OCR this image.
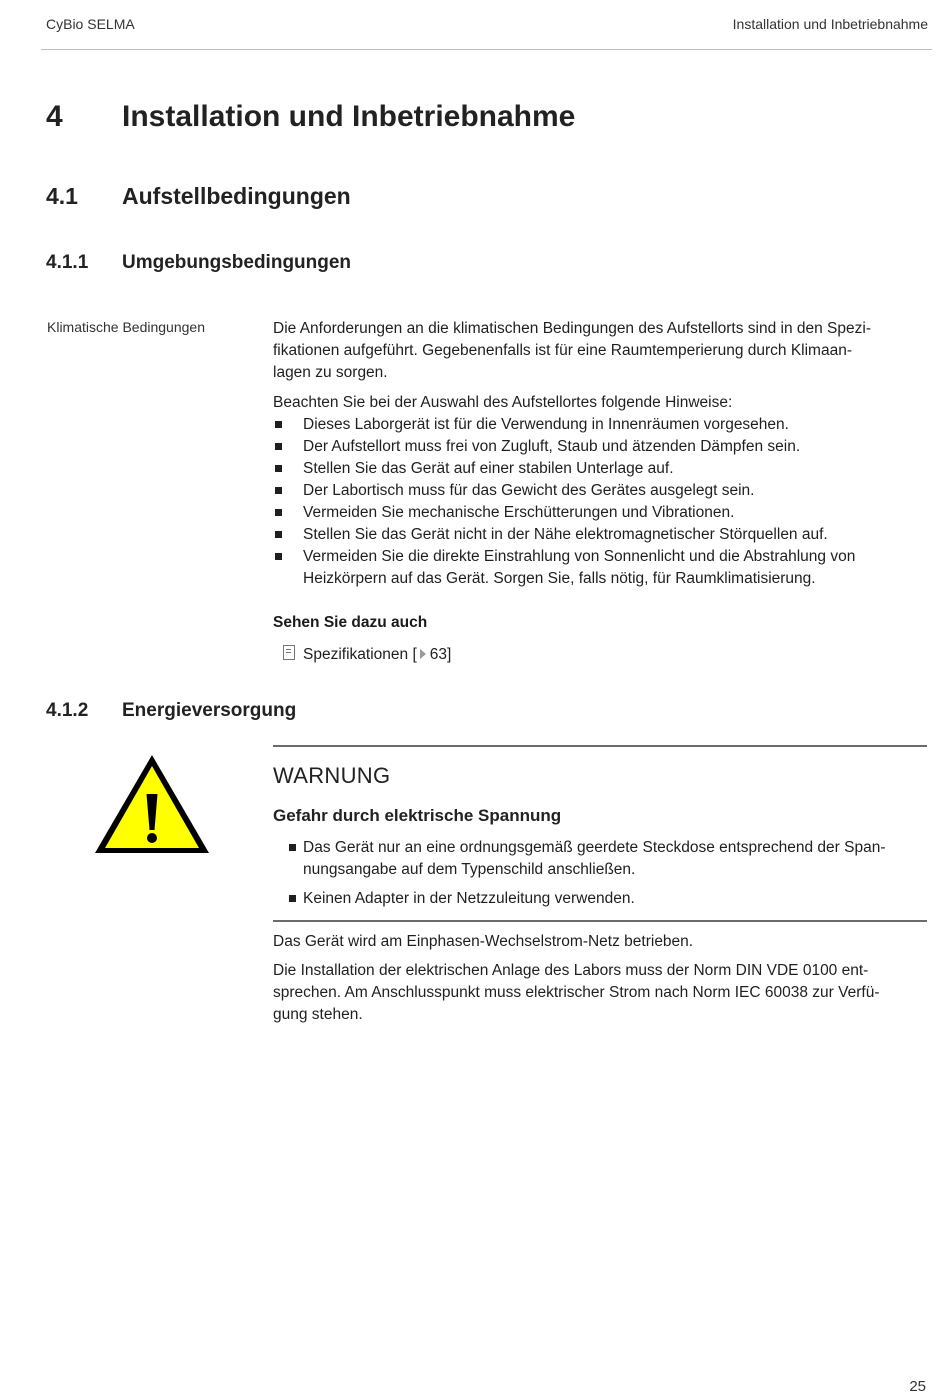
CyBio SELMA	Installation und Inbetriebnahme
4 Installation und Inbetriebnahme
4.1 Aufstellbedingungen
4.1.1 Umgebungsbedingungen
Klimatische Bedingungen	Die Anforderungen an die klimatischen Bedingungen des Aufstellorts sind in den Spezi-
fikationen aufgeführt. Gegebenenfalls ist für eine Raumtemperierung durch Klimaan-
lagen zu sorgen.
Beachten Sie bei der Auswahl des Aufstellortes folgende Hinweise:
Dieses Laborgerät ist für die Verwendung in Innenräumen vorgesehen.
Der Aufstellort muss frei von Zugluft, Staub und ätzenden Dämpfen sein.
Stellen Sie das Gerät auf einer stabilen Unterlage auf.
Der Labortisch muss für das Gewicht des Gerätes ausgelegt sein.
Vermeiden Sie mechanische Erschütterungen und Vibrationen.
Stellen Sie das Gerät nicht in der Nähe elektromagnetischer Störquellen auf.
Vermeiden Sie die direkte Einstrahlung von Sonnenlicht und die Abstrahlung von
Heizkörpern auf das Gerät. Sorgen Sie, falls nötig, für Raumklimatisierung.
Sehen Sie dazu auch
Spezifikationen [ 63]
4.1.2 Energieversorgung
WARNUNG
Gefahr durch elektrische Spannung
Das Gerät nur an eine ordnungsgemäß geerdete Steckdose entsprechend der Span-
nungsangabe auf dem Typenschild anschließen.
Keinen Adapter in der Netzzuleitung verwenden.
Das Gerät wird am Einphasen-Wechselstrom-Netz betrieben.
Die Installation der elektrischen Anlage des Labors muss der Norm DIN VDE 0100 ent-
sprechen. Am Anschlusspunkt muss elektrischer Strom nach Norm IEC 60038 zur Verfü-
gung stehen.
25
